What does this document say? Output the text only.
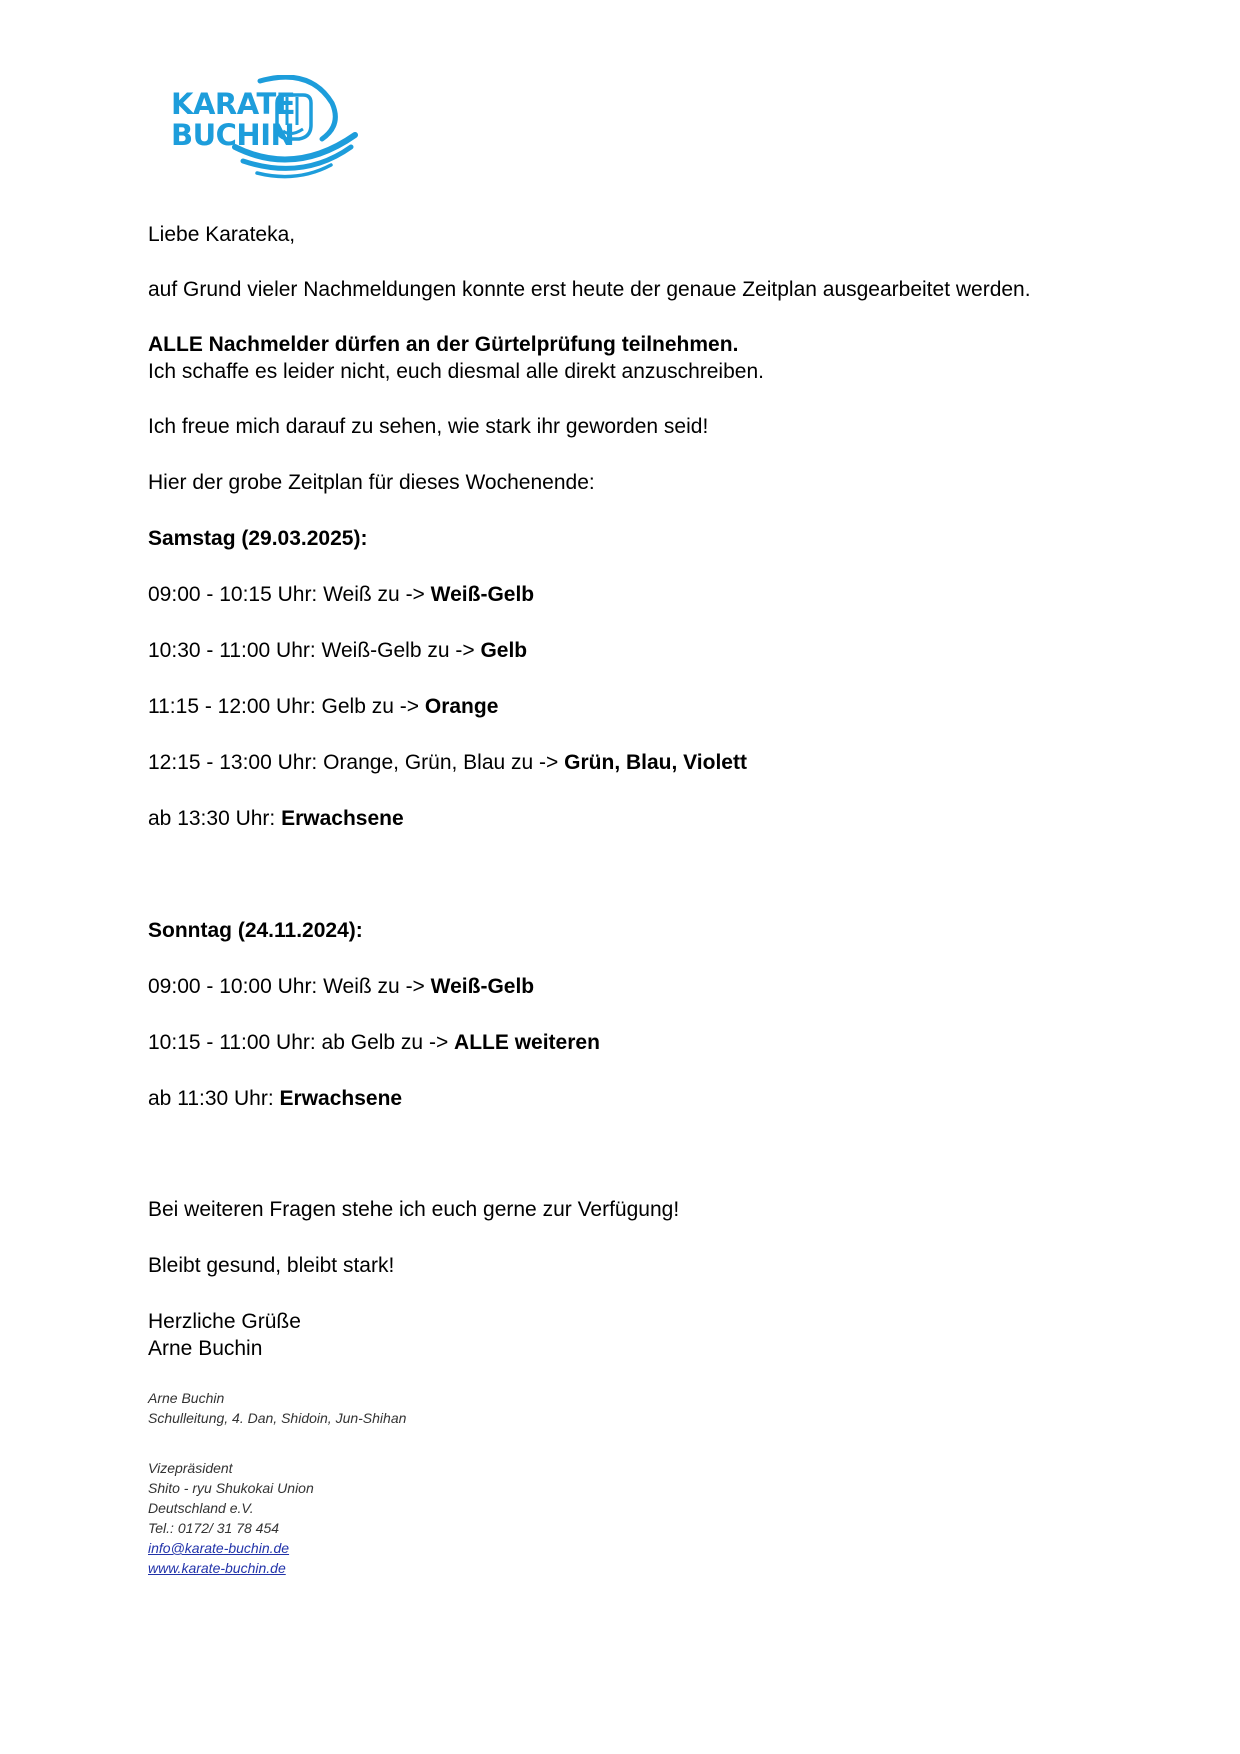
KARATE
BUCHIN
Liebe Karateka,
auf Grund vieler Nachmeldungen konnte erst heute der genaue Zeitplan ausgearbeitet werden.
ALLE Nachmelder dürfen an der Gürtelprüfung teilnehmen.
Ich schaffe es leider nicht, euch diesmal alle direkt anzuschreiben.
Ich freue mich darauf zu sehen, wie stark ihr geworden seid!
Hier der grobe Zeitplan für dieses Wochenende:
Samstag (29.03.2025):
09:00 - 10:15 Uhr: Weiß zu -> Weiß-Gelb
10:30 - 11:00 Uhr: Weiß-Gelb zu -> Gelb
11:15 - 12:00 Uhr: Gelb zu -> Orange
12:15 - 13:00 Uhr: Orange, Grün, Blau zu -> Grün, Blau, Violett
ab 13:30 Uhr: Erwachsene
Sonntag (24.11.2024):
09:00 - 10:00 Uhr: Weiß zu -> Weiß-Gelb
10:15 - 11:00 Uhr: ab Gelb zu -> ALLE weiteren
ab 11:30 Uhr: Erwachsene
Bei weiteren Fragen stehe ich euch gerne zur Verfügung!
Bleibt gesund, bleibt stark!
Herzliche Grüße
Arne Buchin
Arne Buchin
Schulleitung, 4. Dan, Shidoin, Jun-Shihan
Vizepräsident
Shito - ryu Shukokai Union
Deutschland e.V.
Tel.: 0172/ 31 78 454
info@karate-buchin.de
www.karate-buchin.de
